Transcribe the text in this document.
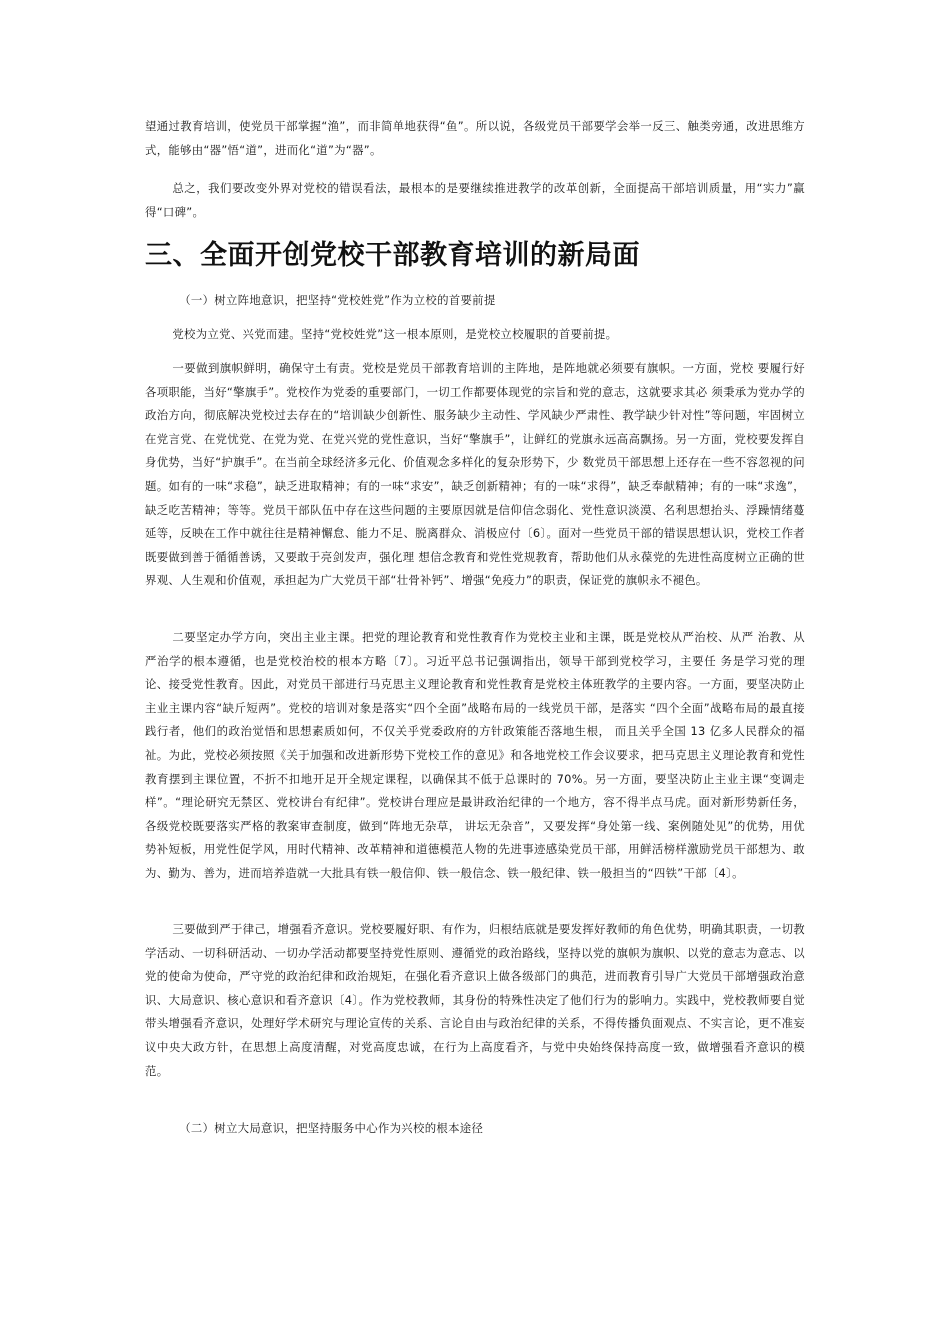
望通过教育培训，使党员干部掌握“渔”，而非简单地获得“鱼”。所以说，各级党员干部要学会举一反三、触类旁通，改进思维方式，能够由“器”悟“道”，进而化“道”为“器”。

总之，我们要改变外界对党校的错误看法，最根本的是要继续推进教学的改革创新，全面提高干部培训质量，用“实力”赢得“口碑”。

三、全面开创党校干部教育培训的新局面

（一）树立阵地意识，把坚持“党校姓党”作为立校的首要前提

党校为立党、兴党而建。坚持“党校姓党”这一根本原则，是党校立校履职的首要前提。

一要做到旗帜鲜明，确保守土有责。党校是党员干部教育培训的主阵地，是阵地就必须要有旗帜。一方面，党校 要履行好各项职能，当好“擎旗手”。党校作为党委的重要部门，一切工作都要体现党的宗旨和党的意志，这就要求其必 须秉承为党办学的政治方向，彻底解决党校过去存在的“培训缺少创新性、服务缺少主动性、学风缺少严肃性、教学缺少针对性”等问题，牢固树立在党言党、在党忧党、在党为党、在党兴党的党性意识，当好“擎旗手”，让鲜红的党旗永远高高飘扬。另一方面，党校要发挥自身优势，当好“护旗手”。在当前全球经济多元化、价值观念多样化的复杂形势下，少 数党员干部思想上还存在一些不容忽视的问题。如有的一味“求稳”，缺乏进取精神；有的一味“求安”，缺乏创新精神；有的一味“求得”，缺乏奉献精神；有的一味“求逸”，缺乏吃苦精神；等等。党员干部队伍中存在这些问题的主要原因就是信仰信念弱化、党性意识淡漠、名利思想抬头、浮躁情绪蔓延等，反映在工作中就往往是精神懈怠、能力不足、脱离群众、消极应付〔6〕。面对一些党员干部的错误思想认识，党校工作者既要做到善于循循善诱，又要敢于亮剑发声，强化理 想信念教育和党性党规教育，帮助他们从永葆党的先进性高度树立正确的世界观、人生观和价值观，承担起为广大党员干部“壮骨补钙”、增强“免疫力”的职责，保证党的旗帜永不褪色。

二要坚定办学方向，突出主业主课。把党的理论教育和党性教育作为党校主业和主课，既是党校从严治校、从严 治教、从严治学的根本遵循，也是党校治校的根本方略〔7〕。习近平总书记强调指出，领导干部到党校学习，主要任 务是学习党的理论、接受党性教育。因此，对党员干部进行马克思主义理论教育和党性教育是党校主体班教学的主要内容。一方面，要坚决防止主业主课内容“缺斤短两”。党校的培训对象是落实“四个全面”战略布局的一线党员干部，是落实 “四个全面”战略布局的最直接践行者，他们的政治觉悟和思想素质如何，不仅关乎党委政府的方针政策能否落地生根， 而且关乎全国 13 亿多人民群众的福祉。为此，党校必须按照《关于加强和改进新形势下党校工作的意见》和各地党校工作会议要求，把马克思主义理论教育和党性教育摆到主课位置，不折不扣地开足开全规定课程，以确保其不低于总课时的 70%。另一方面，要坚决防止主业主课“变调走样”。“理论研究无禁区、党校讲台有纪律”。党校讲台理应是最讲政治纪律的一个地方，容不得半点马虎。面对新形势新任务，各级党校既要落实严格的教案审查制度，做到“阵地无杂草， 讲坛无杂音”，又要发挥“身处第一线、案例随处见”的优势，用优势补短板，用党性促学风，用时代精神、改革精神和道德模范人物的先进事迹感染党员干部，用鲜活榜样激励党员干部想为、敢为、勤为、善为，进而培养造就一大批具有铁一般信仰、铁一般信念、铁一般纪律、铁一般担当的“四铁”干部〔4〕。

三要做到严于律己，增强看齐意识。党校要履好职、有作为，归根结底就是要发挥好教师的角色优势，明确其职责，一切教学活动、一切科研活动、一切办学活动都要坚持党性原则、遵循党的政治路线，坚持以党的旗帜为旗帜、以党的意志为意志、以党的使命为使命，严守党的政治纪律和政治规矩，在强化看齐意识上做各级部门的典范，进而教育引导广大党员干部增强政治意识、大局意识、核心意识和看齐意识〔4〕。作为党校教师，其身份的特殊性决定了他们行为的影响力。实践中，党校教师要自觉带头增强看齐意识，处理好学术研究与理论宣传的关系、言论自由与政治纪律的关系，不得传播负面观点、不实言论，更不准妄议中央大政方针，在思想上高度清醒，对党高度忠诚，在行为上高度看齐，与党中央始终保持高度一致，做增强看齐意识的模范。

（二）树立大局意识，把坚持服务中心作为兴校的根本途径
